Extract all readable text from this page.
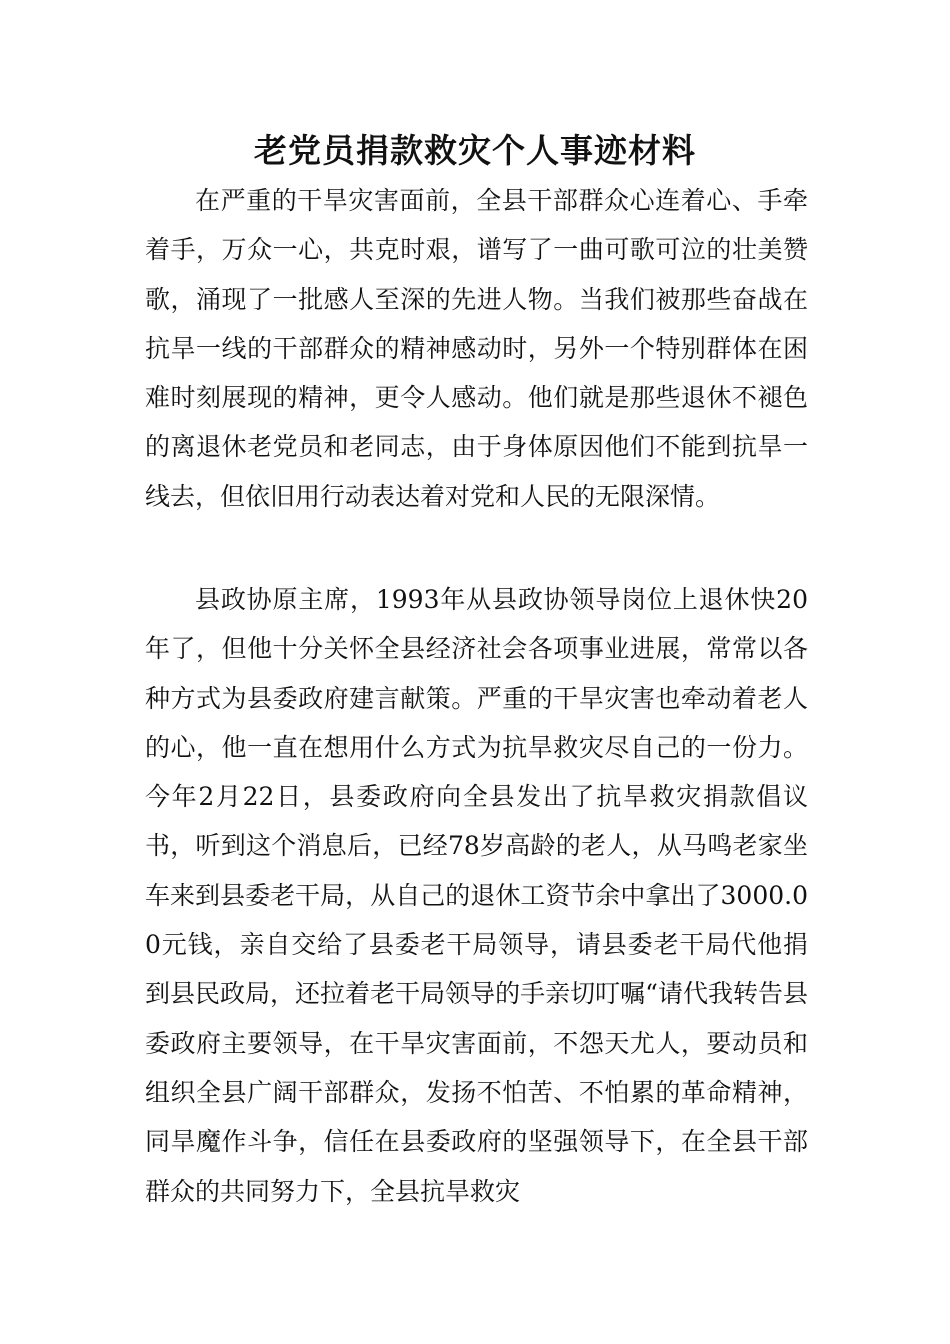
老党员捐款救灾个人事迹材料

在严重的干旱灾害面前，全县干部群众心连着心、手牵着手，万众一心，共克时艰，谱写了一曲可歌可泣的壮美赞歌，涌现了一批感人至深的先进人物。当我们被那些奋战在抗旱一线的干部群众的精神感动时，另外一个特别群体在困难时刻展现的精神，更令人感动。他们就是那些退休不褪色的离退休老党员和老同志，由于身体原因他们不能到抗旱一线去，但依旧用行动表达着对党和人民的无限深情。

县政协原主席，1993年从县政协领导岗位上退休快20年了，但他十分关怀全县经济社会各项事业进展，常常以各种方式为县委政府建言献策。严重的干旱灾害也牵动着老人的心，他一直在想用什么方式为抗旱救灾尽自己的一份力。今年2月22日，县委政府向全县发出了抗旱救灾捐款倡议书，听到这个消息后，已经78岁高龄的老人，从马鸣老家坐车来到县委老干局，从自己的退休工资节余中拿出了3000.00元钱，亲自交给了县委老干局领导，请县委老干局代他捐到县民政局，还拉着老干局领导的手亲切叮嘱“请代我转告县委政府主要领导，在干旱灾害面前，不怨天尤人，要动员和组织全县广阔干部群众，发扬不怕苦、不怕累的革命精神，同旱魔作斗争，信任在县委政府的坚强领导下，在全县干部群众的共同努力下，全县抗旱救灾
